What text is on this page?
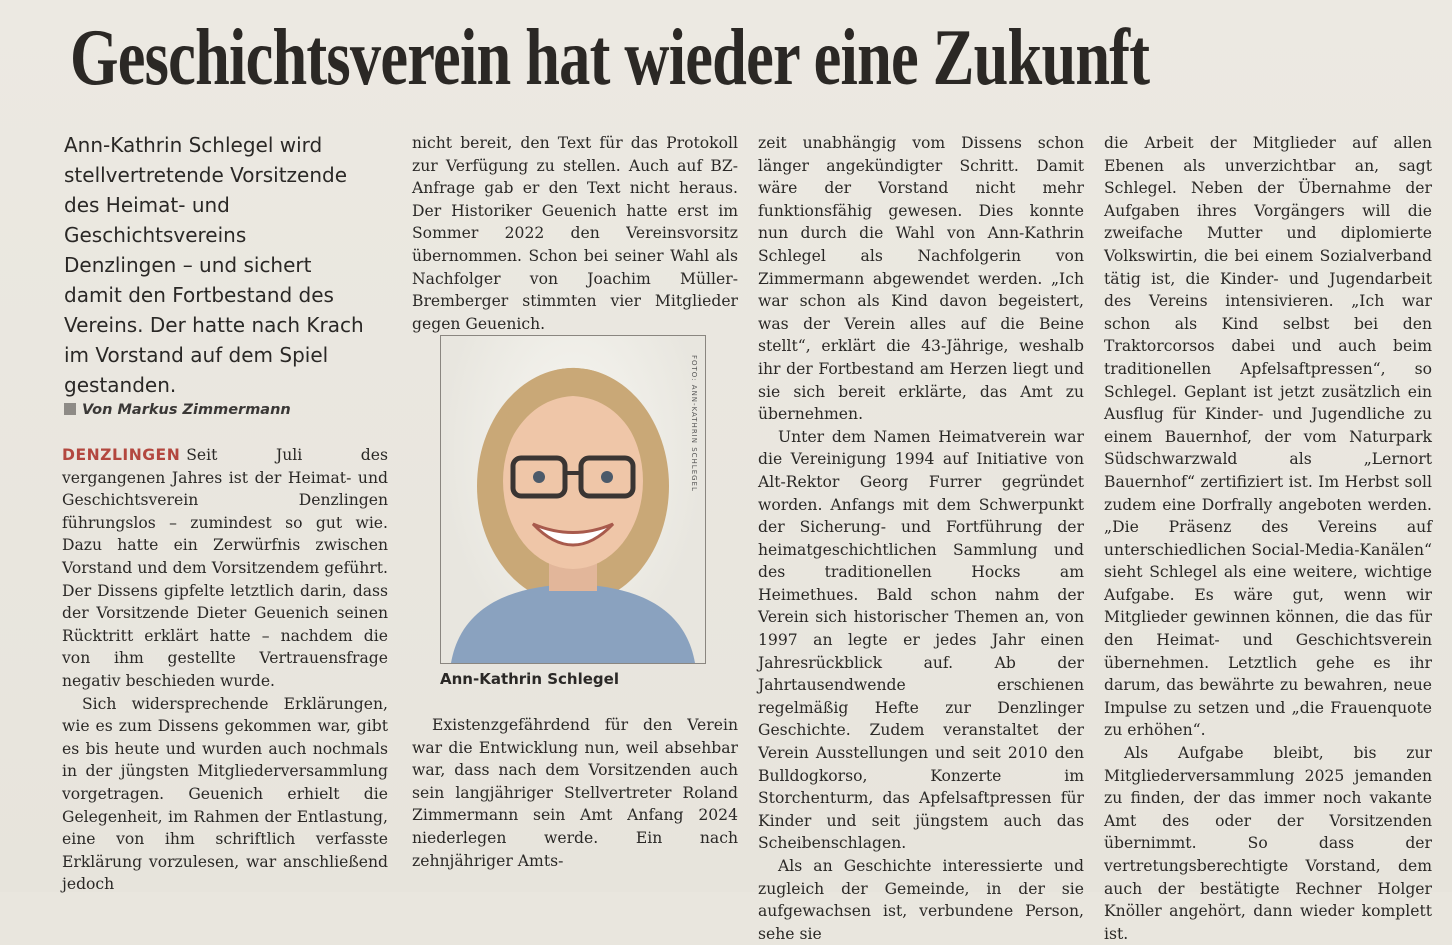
Geschichtsverein hat wieder eine Zukunft
Ann-Kathrin Schlegel wird stellvertretende Vorsitzende des Heimat- und Geschichtsvereins Denzlingen – und sichert damit den Fortbestand des Vereins. Der hatte nach Krach im Vorstand auf dem Spiel gestanden.
Von Markus Zimmermann

DENZLINGEN Seit Juli des vergangenen Jahres ist der Heimat- und Geschichtsverein Denzlingen führungslos – zumindest so gut wie. Dazu hatte ein Zerwürfnis zwischen Vorstand und dem Vorsitzendem geführt. Der Dissens gipfelte letztlich darin, dass der Vorsitzende Dieter Geuenich seinen Rücktritt erklärt hatte – nachdem die von ihm gestellte Vertrauensfrage negativ beschieden wurde.

Sich widersprechende Erklärungen, wie es zum Dissens gekommen war, gibt es bis heute und wurden auch nochmals in der jüngsten Mitgliederversammlung vorgetragen. Geuenich erhielt die Gelegenheit, im Rahmen der Entlastung, eine von ihm schriftlich verfasste Erklärung vorzulesen, war anschließend jedoch

nicht bereit, den Text für das Protokoll zur Verfügung zu stellen. Auch auf BZ-Anfrage gab er den Text nicht heraus. Der Historiker Geuenich hatte erst im Sommer 2022 den Vereinsvorsitz übernommen. Schon bei seiner Wahl als Nachfolger von Joachim Müller-Bremberger stimmten vier Mitglieder gegen Geuenich.

FOTO: ANN-KATHRIN SCHLEGEL
Ann-Kathrin Schlegel

Existenzgefährdend für den Verein war die Entwicklung nun, weil absehbar war, dass nach dem Vorsitzenden auch sein langjähriger Stellvertreter Roland Zimmermann sein Amt Anfang 2024 niederlegen werde. Ein nach zehnjähriger Amts-

zeit unabhängig vom Dissens schon länger angekündigter Schritt. Damit wäre der Vorstand nicht mehr funktionsfähig gewesen. Dies konnte nun durch die Wahl von Ann-Kathrin Schlegel als Nachfolgerin von Zimmermann abgewendet werden. „Ich war schon als Kind davon begeistert, was der Verein alles auf die Beine stellt“, erklärt die 43-Jährige, weshalb ihr der Fortbestand am Herzen liegt und sie sich bereit erklärte, das Amt zu übernehmen.

Unter dem Namen Heimatverein war die Vereinigung 1994 auf Initiative von Alt-Rektor Georg Furrer gegründet worden. Anfangs mit dem Schwerpunkt der Sicherung- und Fortführung der heimatgeschichtlichen Sammlung und des traditionellen Hocks am Heimethues. Bald schon nahm der Verein sich historischer Themen an, von 1997 an legte er jedes Jahr einen Jahresrückblick auf. Ab der Jahrtausendwende erschienen regelmäßig Hefte zur Denzlinger Geschichte. Zudem veranstaltet der Verein Ausstellungen und seit 2010 den Bulldogkorso, Konzerte im Storchenturm, das Apfelsaftpressen für Kinder und seit jüngstem auch das Scheibenschlagen.

Als an Geschichte interessierte und zugleich der Gemeinde, in der sie aufgewachsen ist, verbundene Person, sehe sie

die Arbeit der Mitglieder auf allen Ebenen als unverzichtbar an, sagt Schlegel. Neben der Übernahme der Aufgaben ihres Vorgängers will die zweifache Mutter und diplomierte Volkswirtin, die bei einem Sozialverband tätig ist, die Kinder- und Jugendarbeit des Vereins intensivieren. „Ich war schon als Kind selbst bei den Traktorcorsos dabei und auch beim traditionellen Apfelsaftpressen“, so Schlegel. Geplant ist jetzt zusätzlich ein Ausflug für Kinder- und Jugendliche zu einem Bauernhof, der vom Naturpark Südschwarzwald als „Lernort Bauernhof“ zertifiziert ist. Im Herbst soll zudem eine Dorfrally angeboten werden. „Die Präsenz des Vereins auf unterschiedlichen Social-Media-Kanälen“ sieht Schlegel als eine weitere, wichtige Aufgabe. Es wäre gut, wenn wir Mitglieder gewinnen können, die das für den Heimat- und Geschichtsverein übernehmen. Letztlich gehe es ihr darum, das bewährte zu bewahren, neue Impulse zu setzen und „die Frauenquote zu erhöhen“.

Als Aufgabe bleibt, bis zur Mitgliederversammlung 2025 jemanden zu finden, der das immer noch vakante Amt des oder der Vorsitzenden übernimmt. So dass der vertretungsberechtigte Vorstand, dem auch der bestätigte Rechner Holger Knöller angehört, dann wieder komplett ist.
